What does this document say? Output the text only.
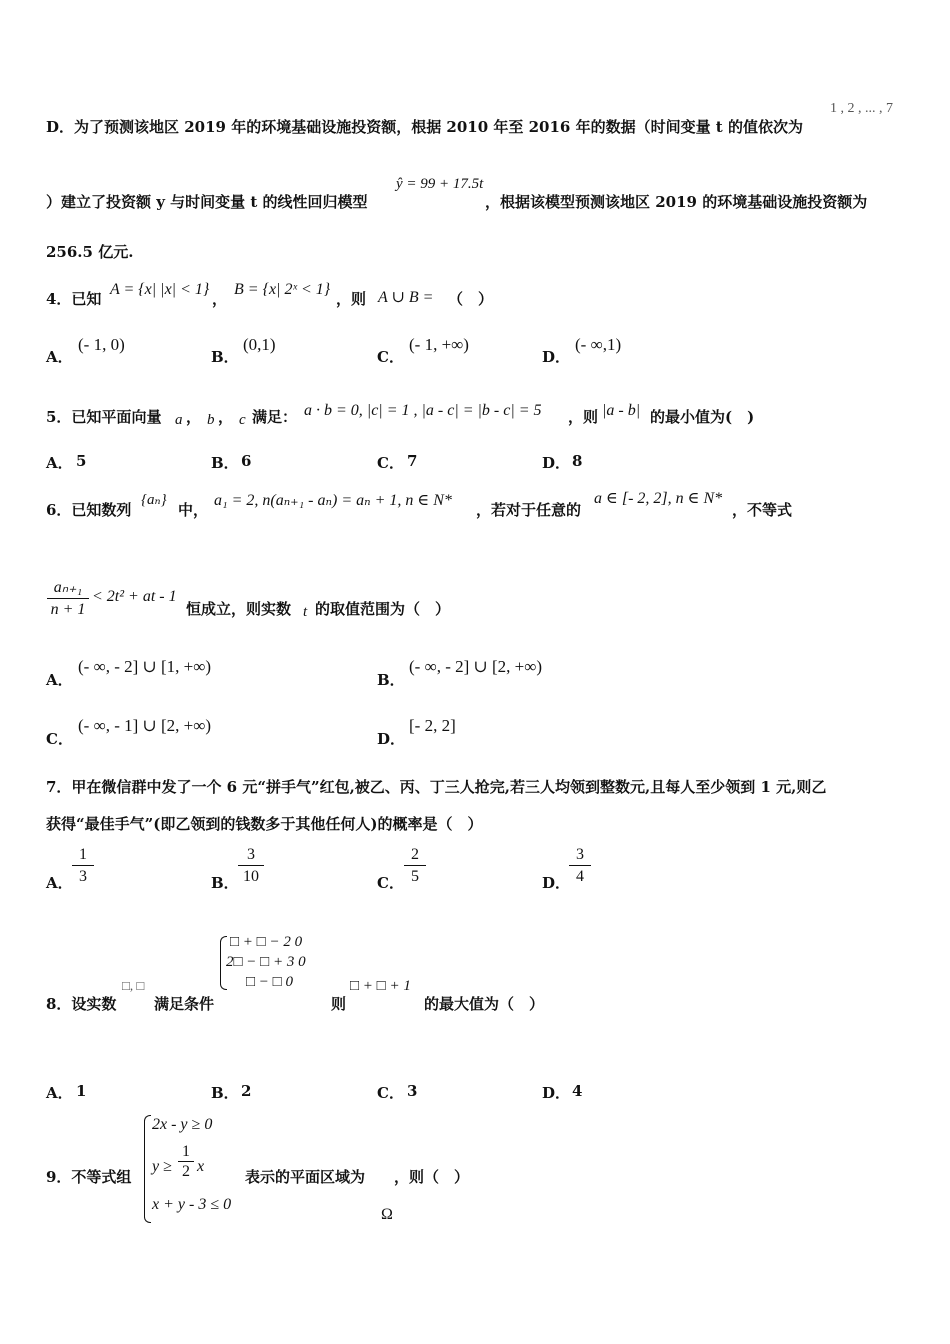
D．为了预测该地区 2019 年的环境基础设施投资额，根据 2010 年至 2016 年的数据（时间变量 t 的值依次为
1 , 2 , ... , 7
）建立了投资额 y 与时间变量 t 的线性回归模型
ŷ = 99 + 17.5t
，根据该模型预测该地区 2019 的环境基础设施投资额为
256.5 亿元.
4．已知
A = {x| |x| < 1}
，
B = {x| 2ˣ < 1}
，则 A ∪ B = （　）
A．
(- 1, 0)
B．
(0,1)
C．
(- 1, +∞)
D．
(- ∞,1)
5．已知平面向量 a ， b ， c 满足： a · b = 0, |c| = 1 , |a - c| = |b - c| = 5 ，则 |a - b| 的最小值为(　)
A． 5	B． 6	C． 7	D． 8
6．已知数列
{aₙ}
中，
a₁ = 2, n(aₙ₊₁ - aₙ) = aₙ + 1, n ∈ N*
，若对于任意的
a ∈ [- 2, 2], n ∈ N*
，不等式
$\frac{\text{aₙ₊₁}}{n + 1} < 2t^2$ + at - 1
恒成立，则实数 t 的取值范围为（　）
A．
(- ∞, - 2] ∪ [1, +∞)
B．
(- ∞, - 2] ∪ [2, +∞)
C．
(- ∞, - 1] ∪ [2, +∞)
D．
[- 2, 2]
7．甲在微信群中发了一个 6 元“拼手气”红包,被乙、丙、丁三人抢完,若三人均领到整数元,且每人至少领到 1 元,则乙
获得“最佳手气”(即乙领到的钱数多于其他任何人)的概率是（　）
A．
1
3	B．
3
10	C．
2
5	D．
3
4
8．设实数
□, □
满足条件
□ + □ − 2 0
2□ − □ + 3 0
□ − □ 0
则
□ + □ + 1
的最大值为（　）
A． 1	B． 2	C． 3	D． 4
9．不等式组
2x - y ≥ 0
$y \ge \frac{1}{2}$ x
x + y - 3 ≤ 0
表示的平面区域为 ，则（　）
Ω
